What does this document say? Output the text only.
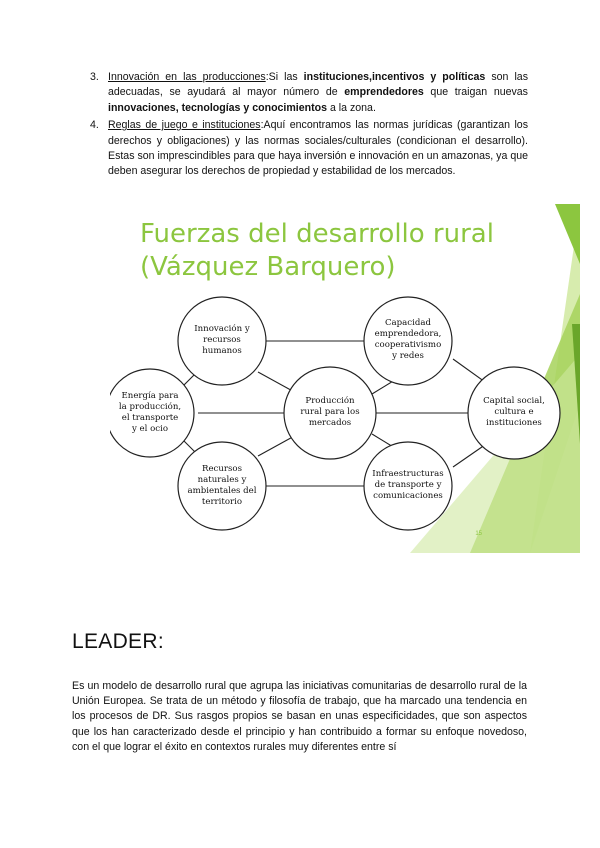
3. Innovación en las producciones:Si las instituciones,incentivos y políticas son las adecuadas, se ayudará al mayor número de emprendedores que traigan nuevas innovaciones, tecnologías y conocimientos a la zona.
4. Reglas de juego e instituciones:Aquí encontramos las normas jurídicas (garantizan los derechos y obligaciones) y las normas sociales/culturales (condicionan el desarrollo). Estas son imprescindibles para que haya inversión e innovación en un amazonas, ya que deben asegurar los derechos de propiedad y estabilidad de los mercados.
Fuerzas del desarrollo rural
(Vázquez Barquero)
Innovación y
recursos
humanos
Capacidad
emprendedora,
cooperativismo
y redes
Energía para
la producción,
el transporte
y el ocio
Producción
rural para los
mercados
Capital social,
cultura e
instituciones
Recursos
naturales y
ambientales del
territorio
Infraestructuras
de transporte y
comunicaciones
15
LEADER:

Es un modelo de desarrollo rural que agrupa las iniciativas comunitarias de desarrollo rural de la Unión Europea. Se trata de un método y filosofía de trabajo, que ha marcado una tendencia en los procesos de DR. Sus rasgos propios se basan en unas especificidades, que son aspectos que los han caracterizado desde el principio y han contribuido a formar su enfoque novedoso, con el que lograr el éxito en contextos rurales muy diferentes entre sí
